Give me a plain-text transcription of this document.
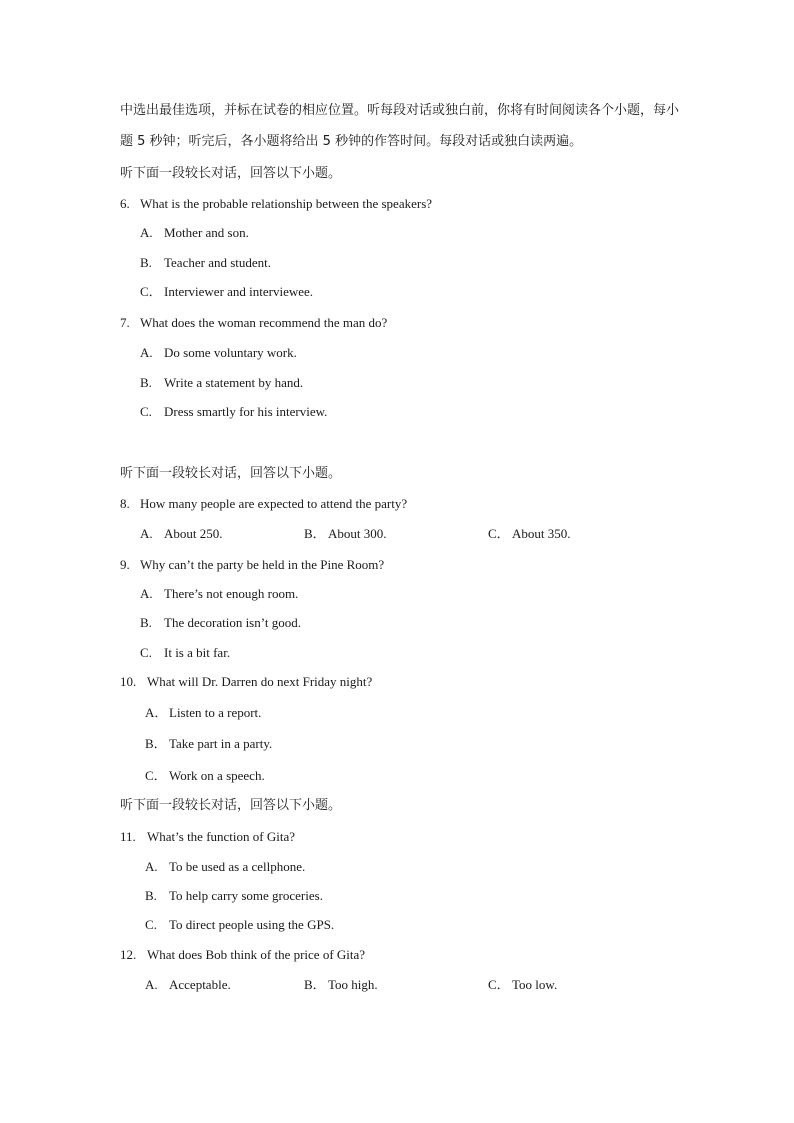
中选出最佳选项，并标在试卷的相应位置。听每段对话或独白前，你将有时间阅读各个小题，每小
题 5 秒钟；听完后，各小题将给出 5 秒钟的作答时间。每段对话或独白读两遍。
听下面一段较长对话，回答以下小题。
6. What is the probable relationship between the speakers?
A. Mother and son.
B. Teacher and student.
C． Interviewer and interviewee.
7. What does the woman recommend the man do?
A. Do some voluntary work.
B. Write a statement by hand.
C. Dress smartly for his interview.
听下面一段较长对话，回答以下小题。
8. How many people are expected to attend the party?
A. About 250.	B． About 300.	C． About 350.
9. Why can’t the party be held in the Pine Room?
A. There’s not enough room.
B. The decoration isn’t good.
C. It is a bit far.
10. What will Dr. Darren do next Friday night?
A． Listen to a report.
B． Take part in a party.
C． Work on a speech.
听下面一段较长对话，回答以下小题。
11. What’s the function of Gita?
A. To be used as a cellphone.
B. To help carry some groceries.
C. To direct people using the GPS.
12. What does Bob think of the price of Gita?
A. Acceptable.	B． Too high.	C． Too low.
